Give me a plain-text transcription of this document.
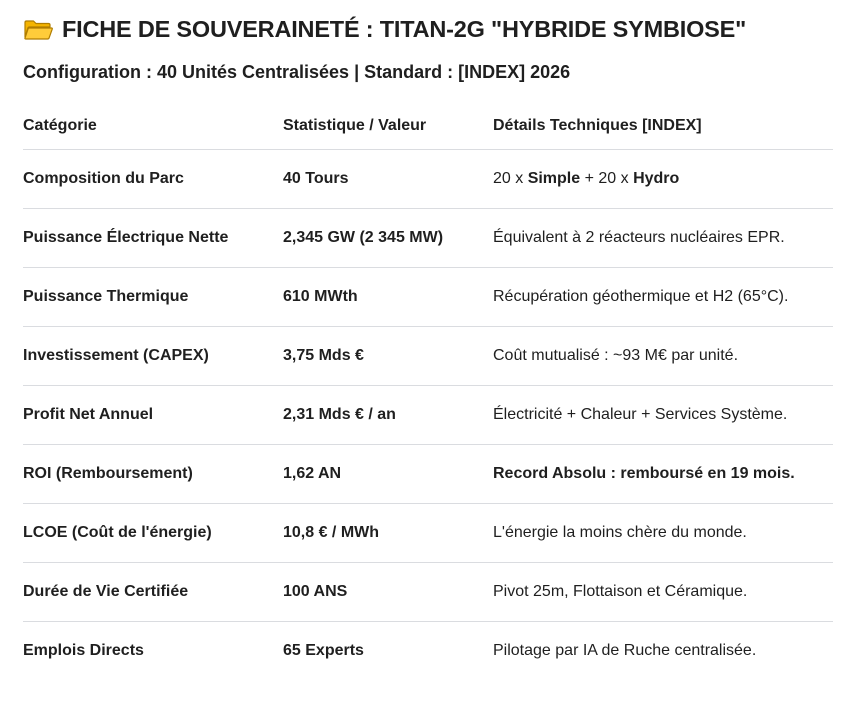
FICHE DE SOUVERAINETÉ : TITAN-2G "HYBRIDE SYMBIOSE"
Configuration : 40 Unités Centralisées | Standard : [INDEX] 2026
Catégorie	Statistique / Valeur	Détails Techniques [INDEX]
Composition du Parc	40 Tours	20 x Simple + 20 x Hydro
Puissance Électrique Nette	2,345 GW (2 345 MW)	Équivalent à 2 réacteurs nucléaires EPR.
Puissance Thermique	610 MWth	Récupération géothermique et H2 (65°C).
Investissement (CAPEX)	3,75 Mds €	Coût mutualisé : ~93 M€ par unité.
Profit Net Annuel	2,31 Mds € / an	Électricité + Chaleur + Services Système.
ROI (Remboursement)	1,62 AN	Record Absolu : remboursé en 19 mois.
LCOE (Coût de l'énergie)	10,8 € / MWh	L'énergie la moins chère du monde.
Durée de Vie Certifiée	100 ANS	Pivot 25m, Flottaison et Céramique.
Emplois Directs	65 Experts	Pilotage par IA de Ruche centralisée.
